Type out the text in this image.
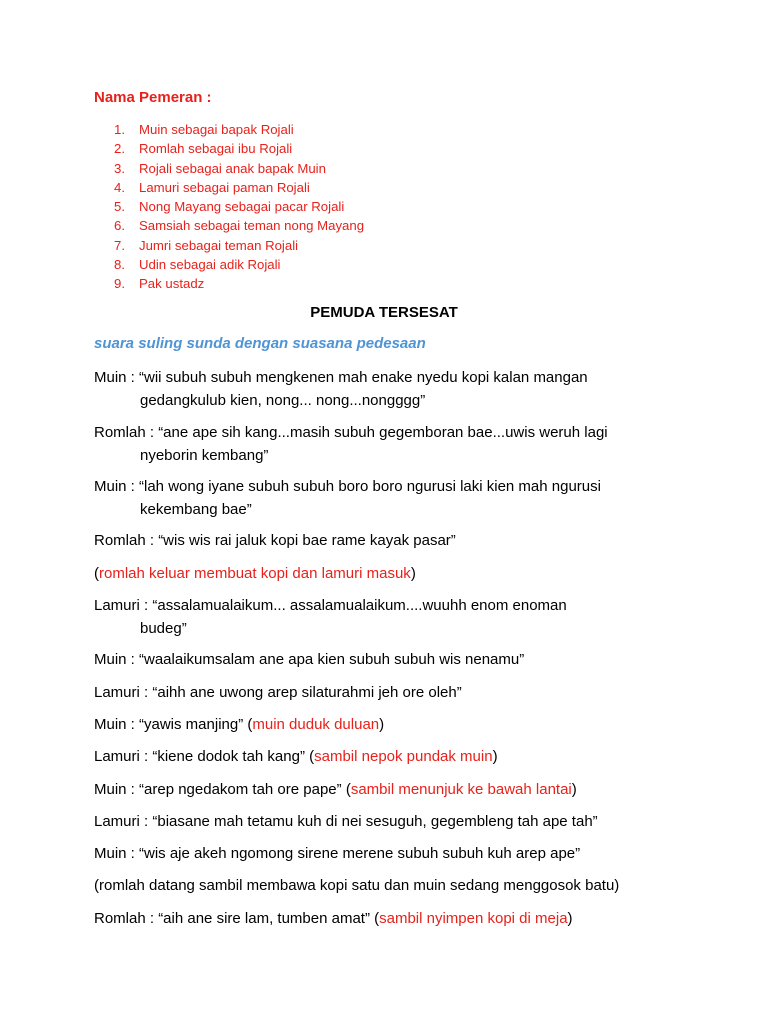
Nama Pemeran :
1. Muin sebagai bapak Rojali
2. Romlah sebagai ibu Rojali
3. Rojali sebagai anak bapak Muin
4. Lamuri sebagai paman Rojali
5. Nong Mayang sebagai pacar Rojali
6. Samsiah sebagai teman nong Mayang
7. Jumri sebagai teman Rojali
8. Udin sebagai adik Rojali
9. Pak ustadz
PEMUDA TERSESAT
suara suling sunda dengan suasana pedesaan
Muin : “wii subuh subuh mengkenen mah enake nyedu kopi kalan mangan
gedangkulub kien, nong... nong...nongggg”
Romlah : “ane ape sih kang...masih subuh gegemboran bae...uwis weruh lagi
nyeborin kembang”
Muin : “lah wong iyane subuh subuh boro boro ngurusi laki kien mah ngurusi
kekembang bae”
Romlah : “wis wis rai jaluk kopi bae rame kayak pasar”
(romlah keluar membuat kopi dan lamuri masuk)
Lamuri : “assalamualaikum... assalamualaikum....wuuhh enom enoman
budeg”
Muin : “waalaikumsalam ane apa kien subuh subuh wis nenamu”
Lamuri : “aihh ane uwong arep silaturahmi jeh ore oleh”
Muin : “yawis manjing” (muin duduk duluan)
Lamuri : “kiene dodok tah kang” (sambil nepok pundak muin)
Muin : “arep ngedakom tah ore pape” (sambil menunjuk ke bawah lantai)
Lamuri : “biasane mah tetamu kuh di nei sesuguh, gegembleng tah ape tah”
Muin : “wis aje akeh ngomong sirene merene subuh subuh kuh arep ape”
(romlah datang sambil membawa kopi satu dan muin sedang menggosok batu)
Romlah : “aih ane sire lam, tumben amat” (sambil nyimpen kopi di meja)
